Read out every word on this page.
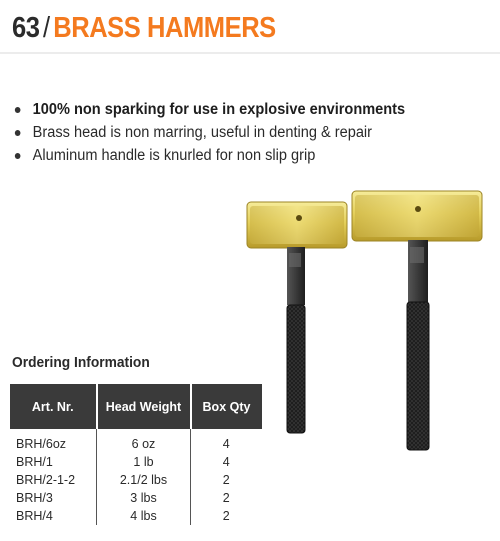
63 / BRASS HAMMERS
100% non sparking for use in explosive environments
Brass head is non marring, useful in denting & repair
Aluminum handle is knurled for non slip grip
Ordering Information
Art. Nr.	Head Weight	Box Qty
BRH/6oz	6 oz	4
BRH/1	1 lb	4
BRH/2-1-2	2.1/2 lbs	2
BRH/3	3 lbs	2
BRH/4	4 lbs	2
